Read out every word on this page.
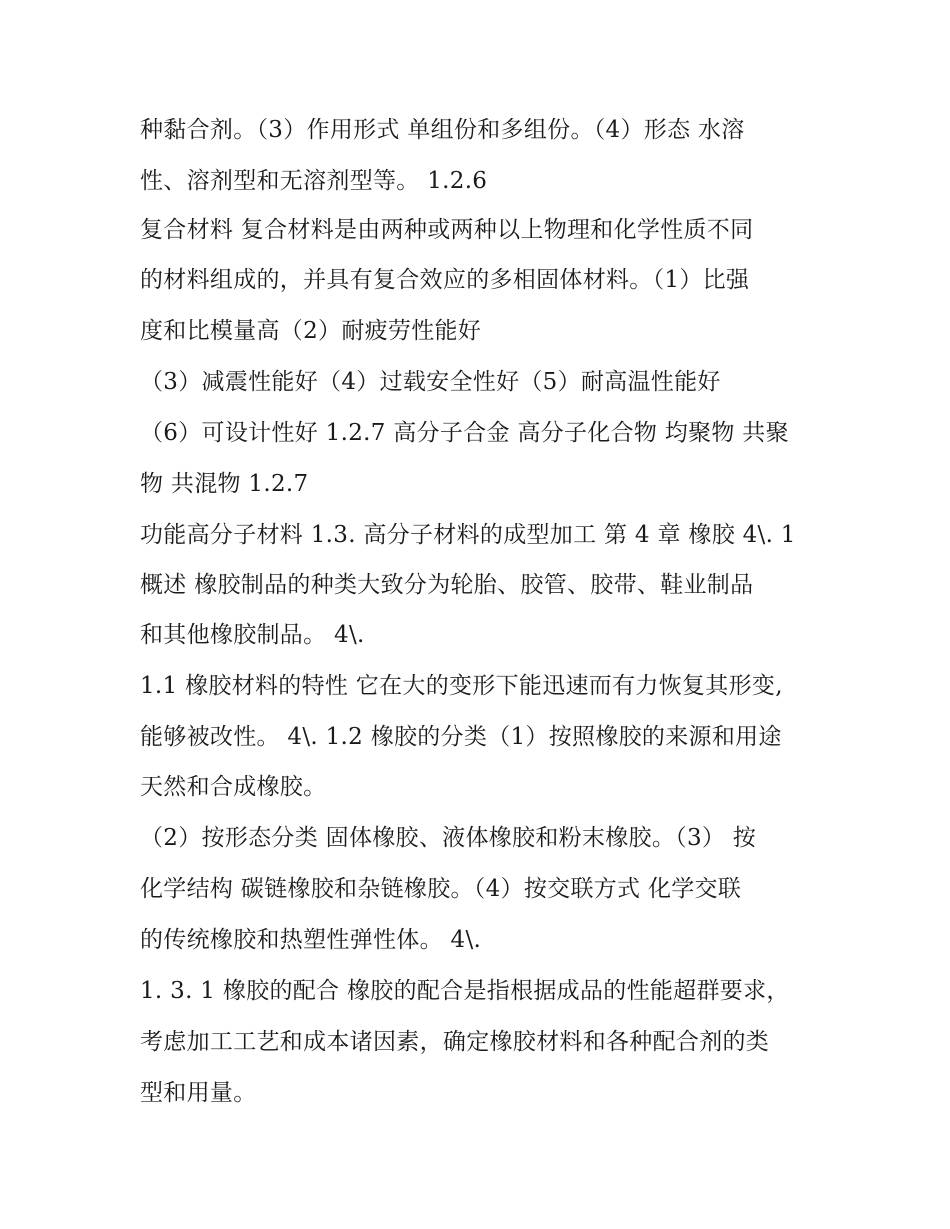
种黏合剂。（3）作用形式 单组份和多组份。（4）形态 水溶
性、溶剂型和无溶剂型等。 1.2.6
复合材料 复合材料是由两种或两种以上物理和化学性质不同
的材料组成的，并具有复合效应的多相固体材料。（1）比强
度和比模量高（2）耐疲劳性能好
（3）减震性能好（4）过载安全性好（5）耐高温性能好
（6）可设计性好 1.2.7 高分子合金 高分子化合物 均聚物 共聚
物 共混物 1.2.7
功能高分子材料 1.3. 高分子材料的成型加工 第 4 章 橡胶 4\. 1
概述 橡胶制品的种类大致分为轮胎、胶管、胶带、鞋业制品
和其他橡胶制品。 4\.
1.1 橡胶材料的特性 它在大的变形下能迅速而有力恢复其形变,
能够被改性。 4\. 1.2 橡胶的分类（1）按照橡胶的来源和用途
天然和合成橡胶。
（2）按形态分类 固体橡胶、液体橡胶和粉末橡胶。（3） 按
化学结构 碳链橡胶和杂链橡胶。（4）按交联方式 化学交联
的传统橡胶和热塑性弹性体。 4\.
1. 3. 1 橡胶的配合 橡胶的配合是指根据成品的性能超群要求，
考虑加工工艺和成本诸因素，确定橡胶材料和各种配合剂的类
型和用量。
